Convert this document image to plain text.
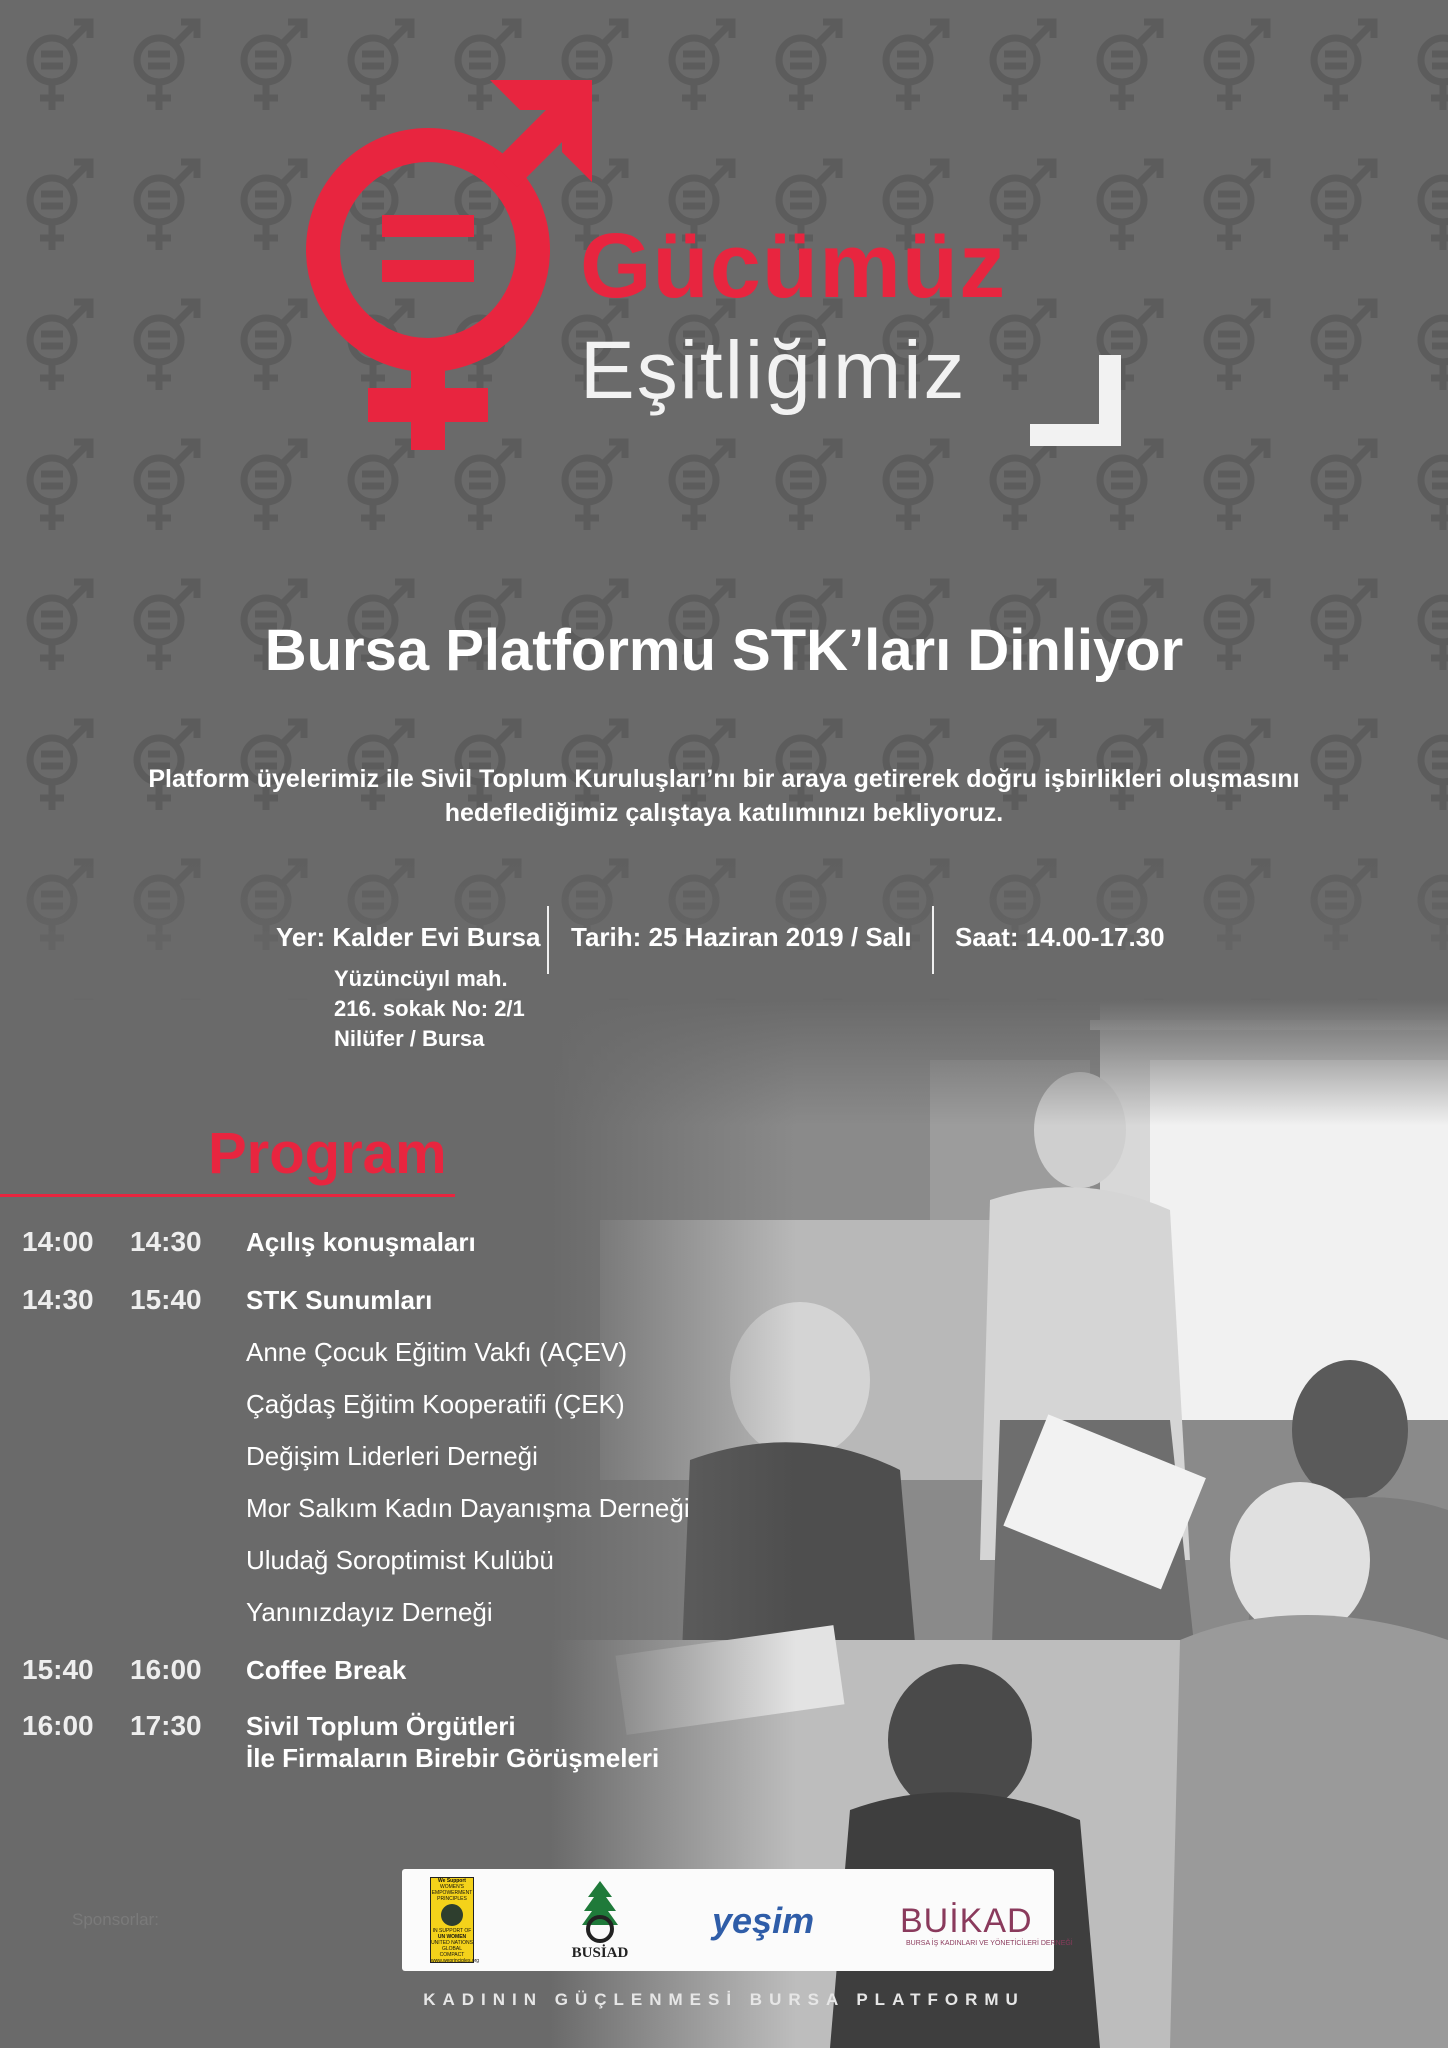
Gücümüz
Eşitliğimiz
Bursa Platformu STK’ları Dinliyor
Platform üyelerimiz ile Sivil Toplum Kuruluşları’nı bir araya getirerek doğru işbirlikleri oluşmasını
hedeflediğimiz çalıştaya katılımınızı bekliyoruz.
Yer: Kalder Evi Bursa
Yüzüncüyıl mah.
216. sokak No: 2/1
Nilüfer / Bursa
Tarih: 25 Haziran 2019 / Salı Saat: 14.00-17.30
Program
14:00	14:30	Açılış konuşmaları
14:30	15:40	STK Sunumları
Anne Çocuk Eğitim Vakfı (AÇEV)
Çağdaş Eğitim Kooperatifi (ÇEK)
Değişim Liderleri Derneği
Mor Salkım Kadın Dayanışma Derneği
Uludağ Soroptimist Kulübü
Yanınızdayız Derneği
15:40	16:00	Coffee Break
16:00	17:30	Sivil Toplum Örgütleri
İle Firmaların Birebir Görüşmeleri
Sponsorlar:
We Support
WOMEN'S EMPOWERMENT PRINCIPLES
IN SUPPORT OF
UN WOMEN
UNITED NATIONS GLOBAL COMPACT
www.weprinciples.org	BUSİAD
yeşim	BUİKAD
BURSA İŞ KADINLARI VE YÖNETİCİLERİ DERNEĞİ
KADININ GÜÇLENMESİ BURSA PLATFORMU
